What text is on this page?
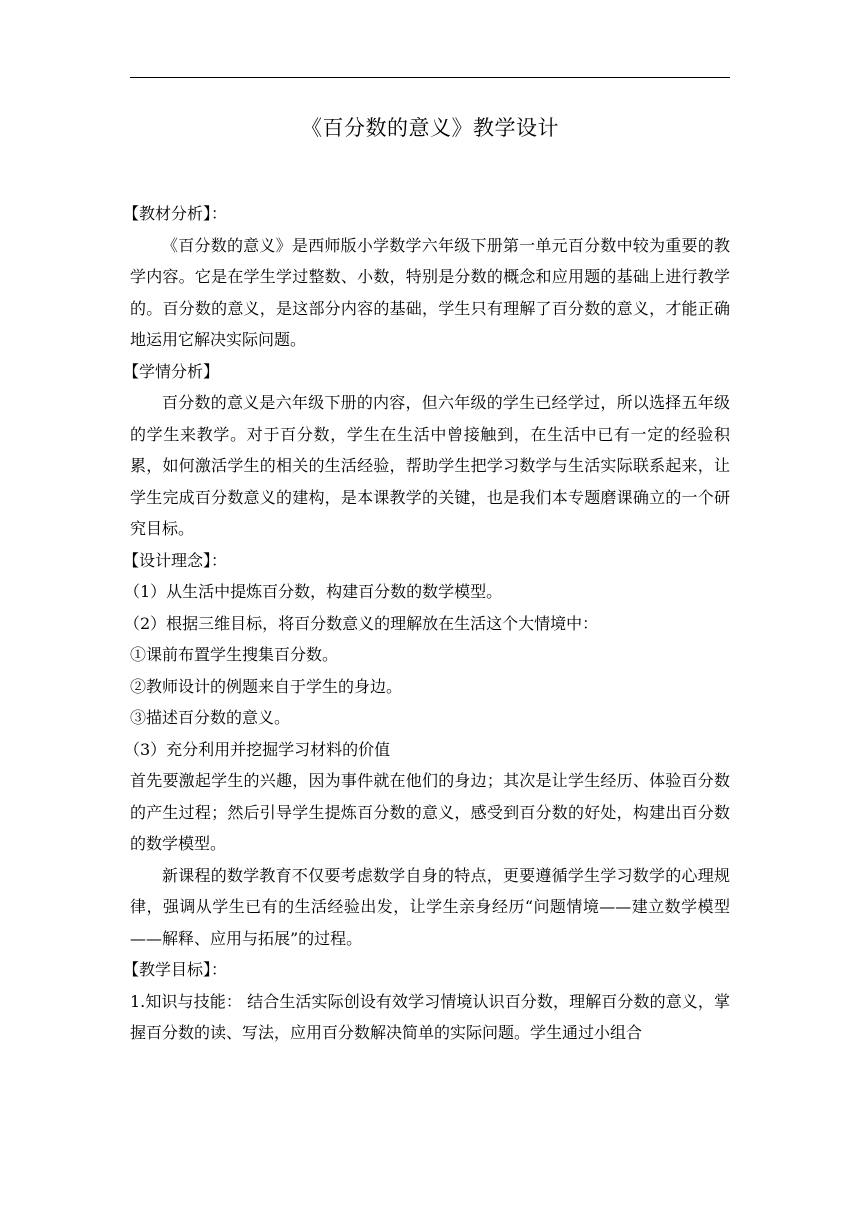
《百分数的意义》教学设计

【教材分析】：

《百分数的意义》是西师版小学数学六年级下册第一单元百分数中较为重要的教学内容。它是在学生学过整数、小数，特别是分数的概念和应用题的基础上进行教学的。百分数的意义，是这部分内容的基础，学生只有理解了百分数的意义，才能正确地运用它解决实际问题。

【学情分析】

百分数的意义是六年级下册的内容，但六年级的学生已经学过，所以选择五年级的学生来教学。对于百分数，学生在生活中曾接触到，在生活中已有一定的经验积累，如何激活学生的相关的生活经验，帮助学生把学习数学与生活实际联系起来，让学生完成百分数意义的建构，是本课教学的关键，也是我们本专题磨课确立的一个研究目标。

【设计理念】：

（1）从生活中提炼百分数，构建百分数的数学模型。

（2）根据三维目标，将百分数意义的理解放在生活这个大情境中：

①课前布置学生搜集百分数。

②教师设计的例题来自于学生的身边。

③描述百分数的意义。

（3）充分利用并挖掘学习材料的价值

首先要激起学生的兴趣，因为事件就在他们的身边；其次是让学生经历、体验百分数的产生过程；然后引导学生提炼百分数的意义，感受到百分数的好处，构建出百分数的数学模型。

新课程的数学教育不仅要考虑数学自身的特点，更要遵循学生学习数学的心理规律，强调从学生已有的生活经验出发，让学生亲身经历“问题情境——建立数学模型——解释、应用与拓展”的过程。

【教学目标】：

1.知识与技能： 结合生活实际创设有效学习情境认识百分数，理解百分数的意义，掌握百分数的读、写法，应用百分数解决简单的实际问题。学生通过小组合
